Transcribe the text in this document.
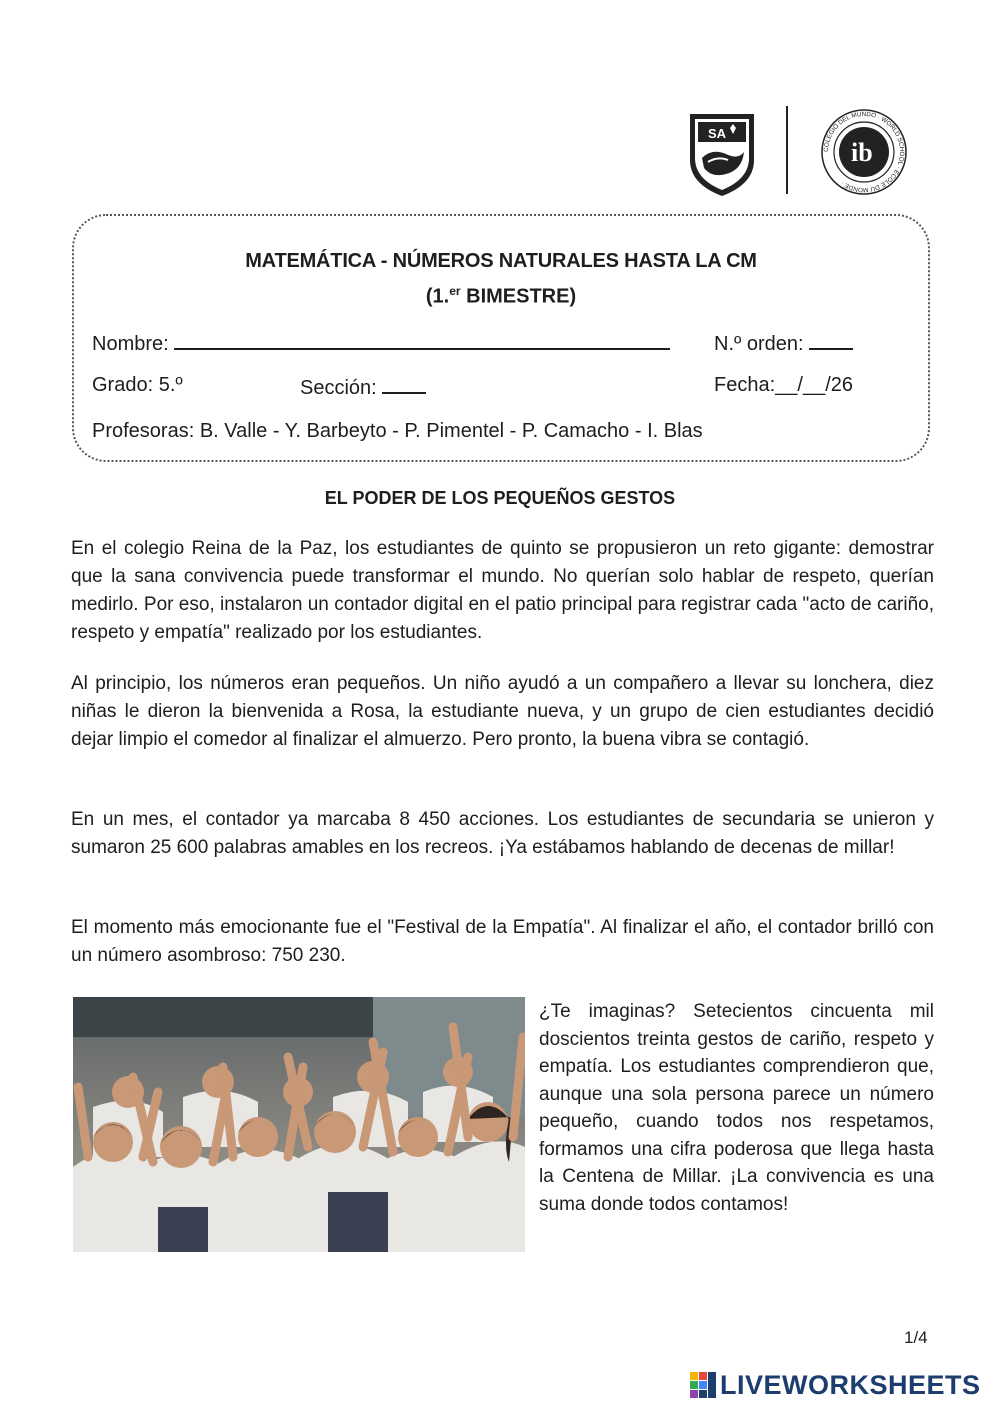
SA
ib
COLEGIO DEL MUNDO · WORLD SCHOOL · ÉCOLE DU MONDE ·
MATEMÁTICA - NÚMEROS NATURALES HASTA LA CM
(1.$^{er}$ BIMESTRE)
Nombre:	N.º orden:
Grado: 5.º	Sección:	Fecha:__/__/26
Profesoras: B. Valle - Y. Barbeyto - P. Pimentel - P. Camacho - I. Blas
EL PODER DE LOS PEQUEÑOS GESTOS

En el colegio Reina de la Paz, los estudiantes de quinto se propusieron un reto gigante: demostrar que la sana convivencia puede transformar el mundo. No querían solo hablar de respeto, querían medirlo. Por eso, instalaron un contador digital en el patio principal para registrar cada "acto de cariño, respeto y empatía" realizado por los estudiantes.

Al principio, los números eran pequeños. Un niño ayudó a un compañero a llevar su lonchera, diez niñas le dieron la bienvenida a Rosa, la estudiante nueva, y un grupo de cien estudiantes decidió dejar limpio el comedor al finalizar el almuerzo. Pero pronto, la buena vibra se contagió.

En un mes, el contador ya marcaba 8 450 acciones. Los estudiantes de secundaria se unieron y sumaron 25 600 palabras amables en los recreos. ¡Ya estábamos hablando de decenas de millar!

El momento más emocionante fue el "Festival de la Empatía". Al finalizar el año, el contador brilló con un número asombroso: 750 230.

¿Te imaginas? Setecientos cincuenta mil doscientos treinta gestos de cariño, respeto y empatía. Los estudiantes comprendieron que, aunque una sola persona parece un número pequeño, cuando todos nos respetamos, formamos una cifra poderosa que llega hasta la Centena de Millar. ¡La convivencia es una suma donde todos contamos!

1/4
LIVEWORKSHEETS
